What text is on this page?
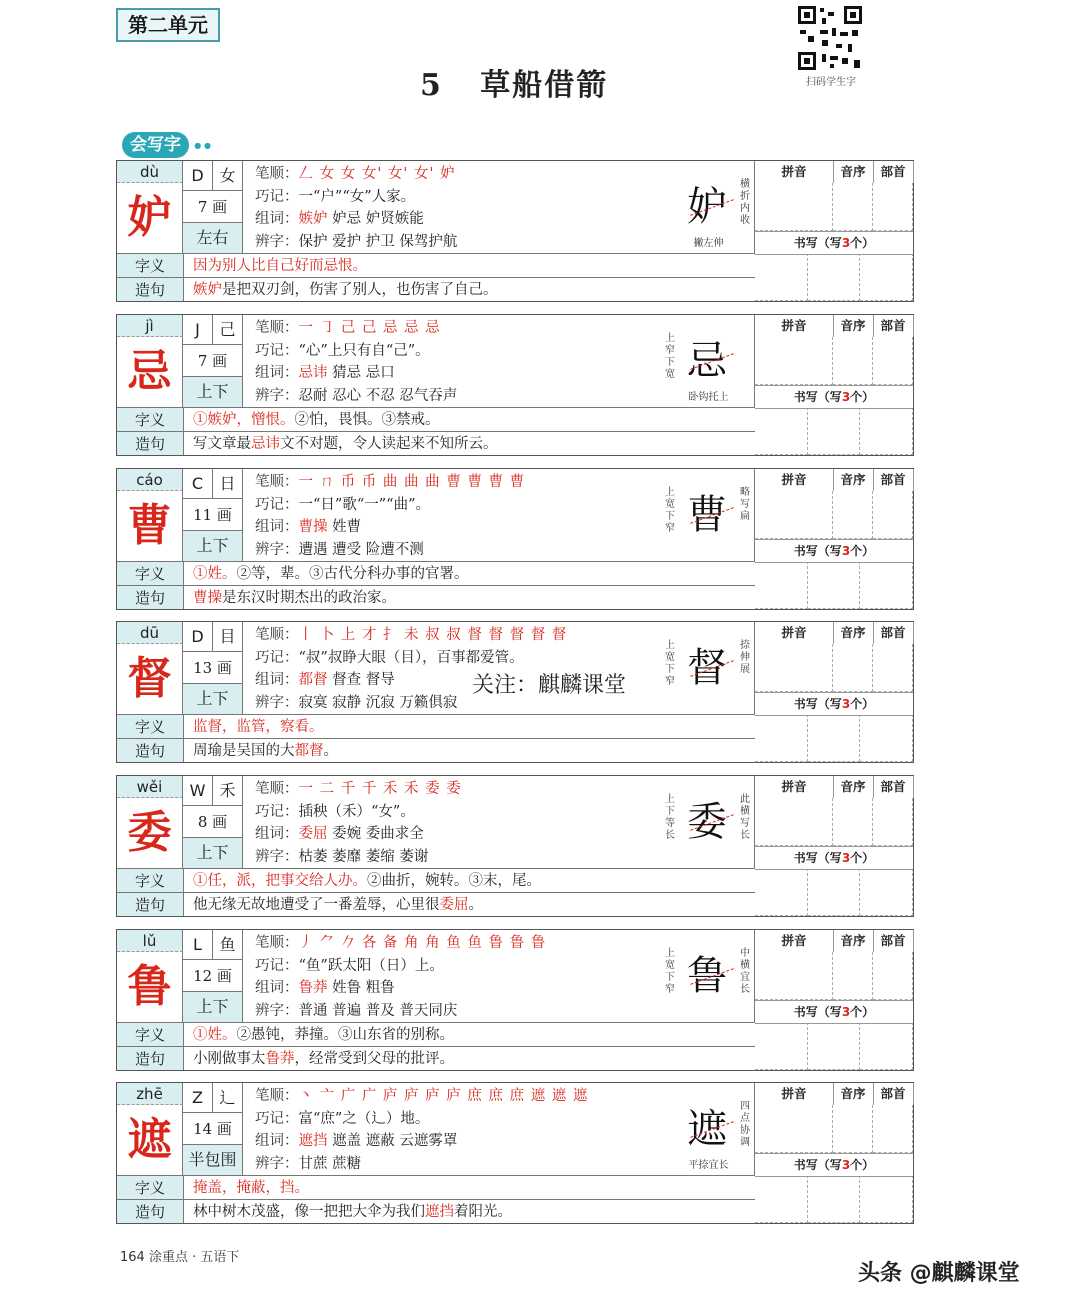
第二单元
5   草船借箭	扫码学生字
会写字 ● ●
dù
妒
D 女
7 画
左右
笔顺：𠃋 女 女 女' 女' 女' 妒
巧记：一“户”“女”人家。
组词：嫉妒 妒忌 妒贤嫉能
辨字：保护 爱护 护卫 保驾护航
妒 横折内收
撇左伸
拼音	音序	部首
书写（写3个）
字义	因为别人比自己好而忌恨。
造句	嫉妒是把双刃剑，伤害了别人，也伤害了自己。
jì
忌
J	己
7 画
上下
笔顺：一 ㇆ 己 己 忌 忌 忌
巧记：“心”上只有自“己”。
组词：忌讳 猜忌 忌口
辨字：忍耐 忍心 不忍 忍气吞声
上窄下宽 忌
卧钩托上
拼音	音序	部首
书写（写3个）
字义	①嫉妒，憎恨。②怕，畏惧。③禁戒。
造句	写文章最忌讳文不对题，令人读起来不知所云。
cáo
曹
C	日
11 画
上下
笔顺：一 ㄇ 币 币 曲 曲 曲 曹 曹 曹 曹
巧记：一“日”歌“一”“曲”。
组词：曹操 姓曹
辨字：遭遇 遭受 险遭不测
上宽下窄 曹 略写扁
拼音	音序	部首
书写（写3个）
字义	①姓。②等，辈。③古代分科办事的官署。
造句	曹操是东汉时期杰出的政治家。
dū
督
D 目
13 画
上下
笔顺：丨 卜 上 才 扌 未 叔 叔 督 督 督 督 督
巧记：“叔”叔睁大眼（目），百事都爱管。
组词：都督 督查 督导
辨字：寂寞 寂静 沉寂 万籁俱寂
上宽下窄 督 捺伸展
拼音	音序	部首
书写（写3个）
字义	监督，监管，察看。
造句	周瑜是吴国的大都督。
wěi
委
W 禾
8 画
上下
笔顺：一 二 千 千 禾 禾 委 委
巧记：插秧（禾）“女”。
组词：委屈 委婉 委曲求全
辨字：枯萎 萎靡 萎缩 萎谢
上下等长 委 此横写长
拼音	音序	部首
书写（写3个）
字义	①任，派，把事交给人办。②曲折，婉转。③末，尾。
造句	他无缘无故地遭受了一番羞辱，心里很委屈。
lǔ
鲁
L	鱼
12 画
上下
笔顺：丿 ⺈ 𠂊 各 备 角 角 鱼 鱼 鲁 鲁 鲁
巧记：“鱼”跃太阳（日）上。
组词：鲁莽 姓鲁 粗鲁
辨字：普通 普遍 普及 普天同庆
上宽下窄 鲁 中横宜长
拼音	音序	部首
书写（写3个）
字义	①姓。②愚钝，莽撞。③山东省的别称。
造句	小刚做事太鲁莽，经常受到父母的批评。
zhē
遮
Z	辶
14 画
半包围
笔顺：丶 亠 广 广 庐 庐 庐 庐 庶 庶 庶 遮 遮 遮
巧记：富“庶”之（辶）地。
组词：遮挡 遮盖 遮蔽 云遮雾罩
辨字：甘蔗 蔗糖
遮 四点协调
平捺宜长
拼音	音序	部首
书写（写3个）
字义	掩盖，掩蔽，挡。
造句	林中树木茂盛，像一把把大伞为我们遮挡着阳光。
关注：麒麟课堂
164 涂重点 · 五语下
头条 @麒麟课堂
